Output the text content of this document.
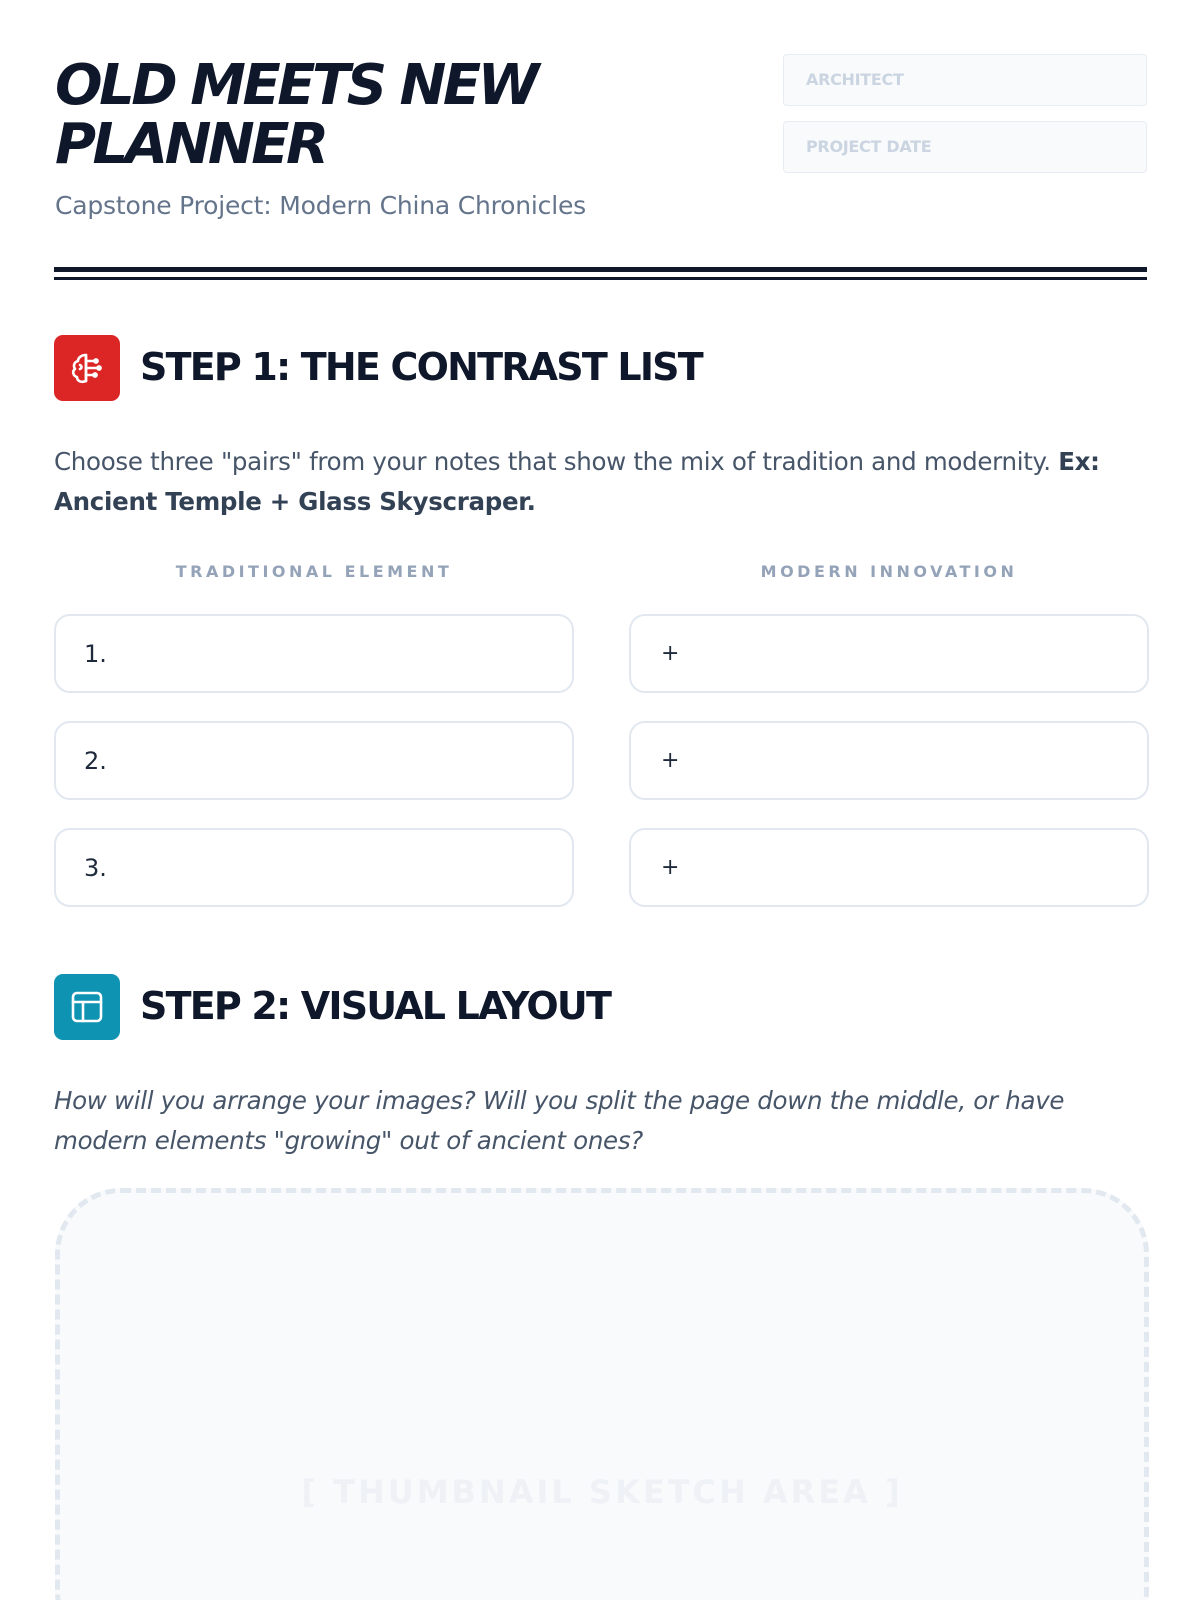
OLD MEETS NEW
PLANNER
Capstone Project: Modern China Chronicles
ARCHITECT
PROJECT DATE
STEP 1: THE CONTRAST LIST
Choose three "pairs" from your notes that show the mix of tradition and modernity. Ex: Ancient Temple + Glass Skyscraper.
TRADITIONAL ELEMENT	MODERN INNOVATION
1.	+
2.	+
3.	+
STEP 2: VISUAL LAYOUT
How will you arrange your images? Will you split the page down the middle, or have modern elements "growing" out of ancient ones?
[ THUMBNAIL SKETCH AREA ]
